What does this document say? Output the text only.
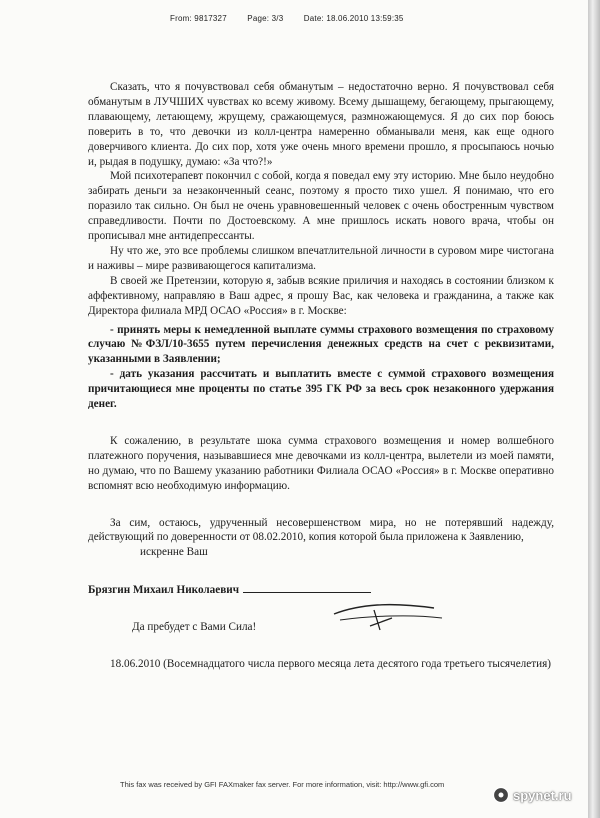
From: 9817327	Page: 3/3	Date: 18.06.2010 13:59:35

Сказать, что я почувствовал себя обманутым – недостаточно верно. Я почувствовал себя обманутым в ЛУЧШИХ чувствах ко всему живому. Всему дышащему, бегающему, прыгающему, плавающему, летающему, жрущему, сражающемуся, размножающемуся. Я до сих пор боюсь поверить в то, что девочки из колл-центра намеренно обманывали меня, как еще одного доверчивого клиента. До сих пор, хотя уже очень много времени прошло, я просыпаюсь ночью и, рыдая в подушку, думаю: «За что?!»

Мой психотерапевт покончил с собой, когда я поведал ему эту историю. Мне было неудобно забирать деньги за незаконченный сеанс, поэтому я просто тихо ушел. Я понимаю, что его поразило так сильно. Он был не очень уравновешенный человек с очень обостренным чувством справедливости. Почти по Достоевскому. А мне пришлось искать нового врача, чтобы он прописывал мне антидепрессанты.

Ну что же, это все проблемы слишком впечатлительной личности в суровом мире чистогана и наживы – мире развивающегося капитализма.

В своей же Претензии, которую я, забыв всякие приличия и находясь в состоянии близком к аффективному, направляю в Ваш адрес, я прошу Вас, как человека и гражданина, а также как Директора филиала МРД ОСАО «Россия» в г. Москве:

- принять меры к немедленной выплате суммы страхового возмещения по страховому случаю №ФЗЛ/10-3655 путем перечисления денежных средств на счет с реквизитами, указанными в Заявлении;

- дать указания рассчитать и выплатить вместе с суммой страхового возмещения причитающиеся мне проценты по статье 395 ГК РФ за весь срок незаконного удержания денег.

К сожалению, в результате шока сумма страхового возмещения и номер волшебного платежного поручения, называвшиеся мне девочками из колл-центра, вылетели из моей памяти, но думаю, что по Вашему указанию работники Филиала ОСАО «Россия» в г. Москве оперативно вспомнят всю необходимую информацию.

За сим, остаюсь, удрученный несовершенством мира, но не потерявший надежду, действующий по доверенности от 08.02.2010, копия которой была приложена к Заявлению,

искренне Ваш

Брязгин Михаил Николаевич

Да пребудет с Вами Сила!

18.06.2010 (Восемнадцатого числа первого месяца лета десятого года третьего тысячелетия)

This fax was received by GFI FAXmaker fax server. For more information, visit: http://www.gfi.com
spynet.ru
